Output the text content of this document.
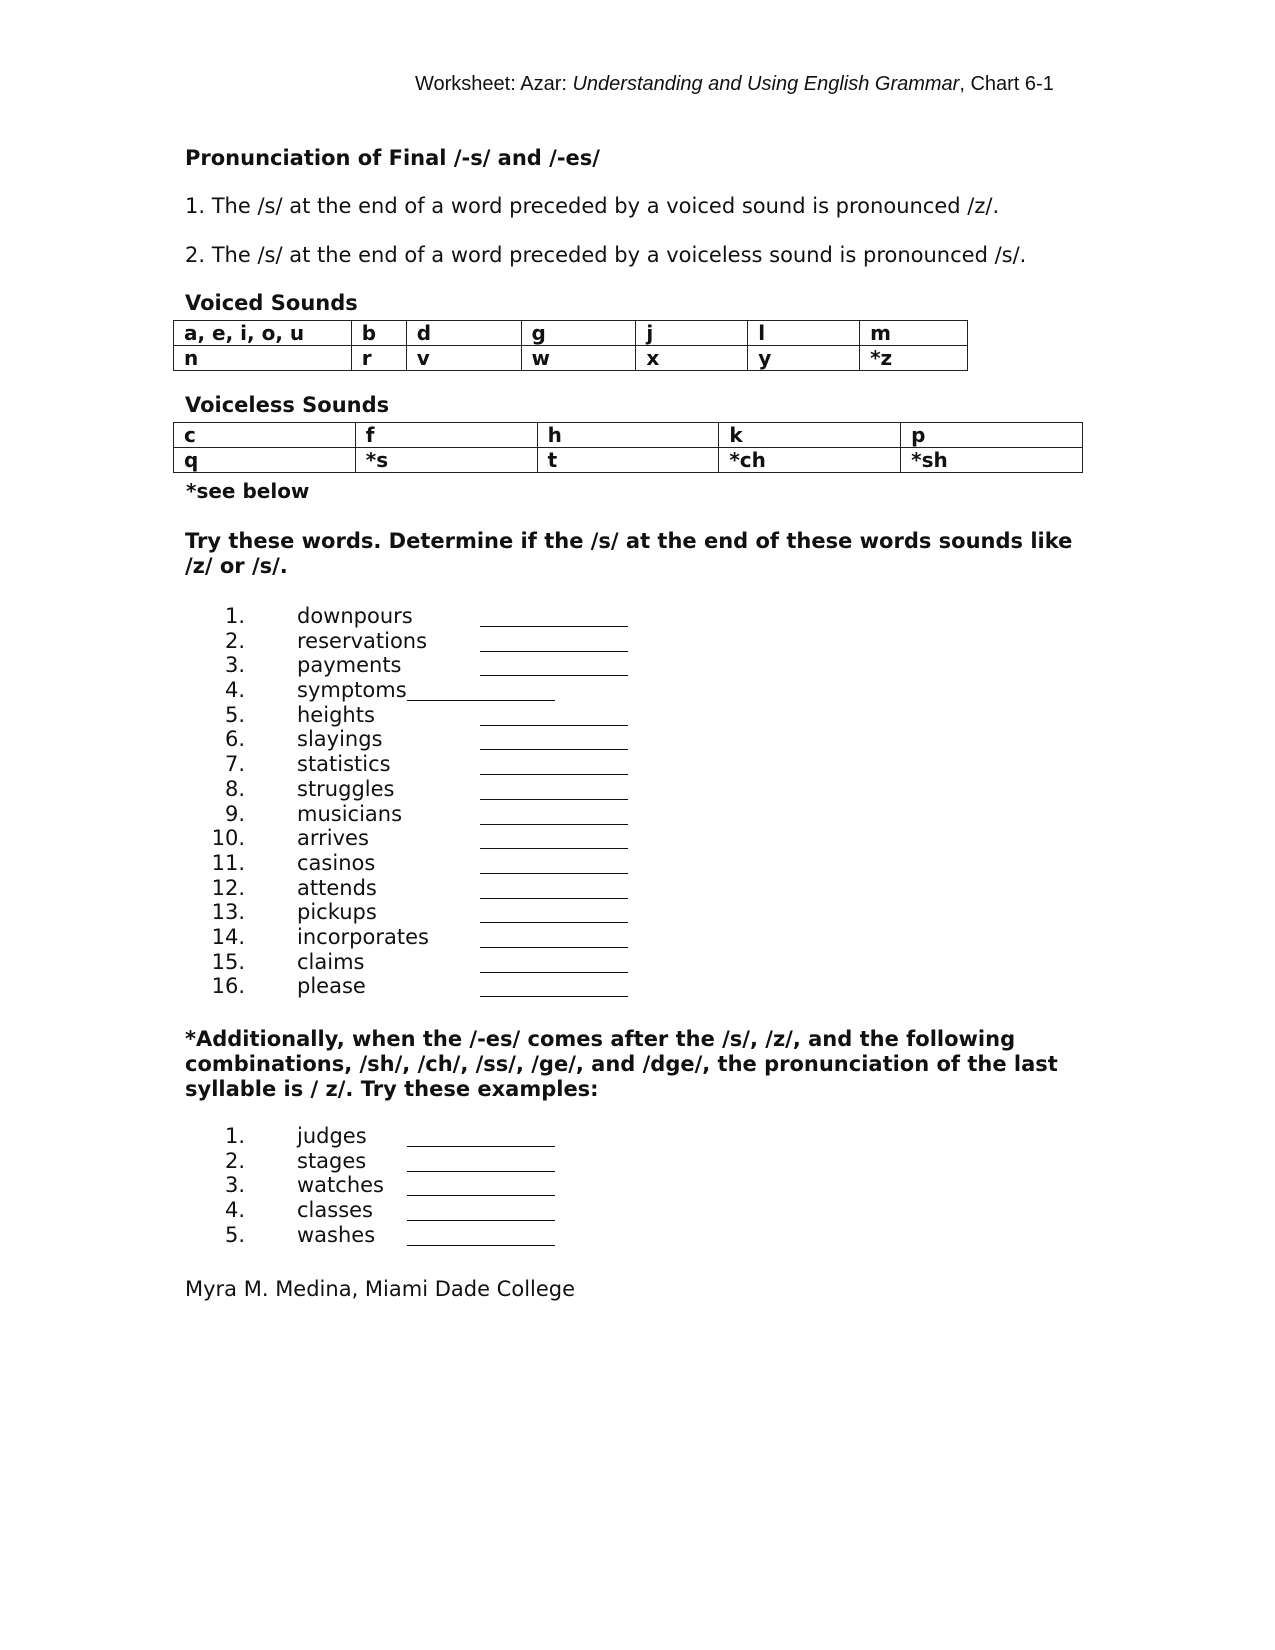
Worksheet: Azar: Understanding and Using English Grammar, Chart 6-1
Pronunciation of Final /-s/ and /-es/
1. The /s/ at the end of a word preceded by a voiced sound is pronounced /z/.
2. The /s/ at the end of a word preceded by a voiceless sound is pronounced /s/.
Voiced Sounds
a, e, i, o, u	b	d	g	j	l	m
n	r	v	w	x	y	*z
Voiceless Sounds
c	f	h	k	p
q	*s	t	*ch	*sh
*see below
Try these words. Determine if the /s/ at the end of these words sounds like /z/ or /s/.
1. downpours
2. reservations
3. payments
4. symptoms
5. heights
6. slayings
7. statistics
8. struggles
9. musicians
10. arrives
11. casinos
12. attends
13. pickups
14. incorporates
15. claims
16. please
*Additionally, when the /-es/ comes after the /s/, /z/, and the following combinations, /sh/, /ch/, /ss/, /ge/, and /dge/, the pronunciation of the last syllable is / z/. Try these examples:
1. judges
2. stages
3. watches
4. classes
5. washes
Myra M. Medina, Miami Dade College
